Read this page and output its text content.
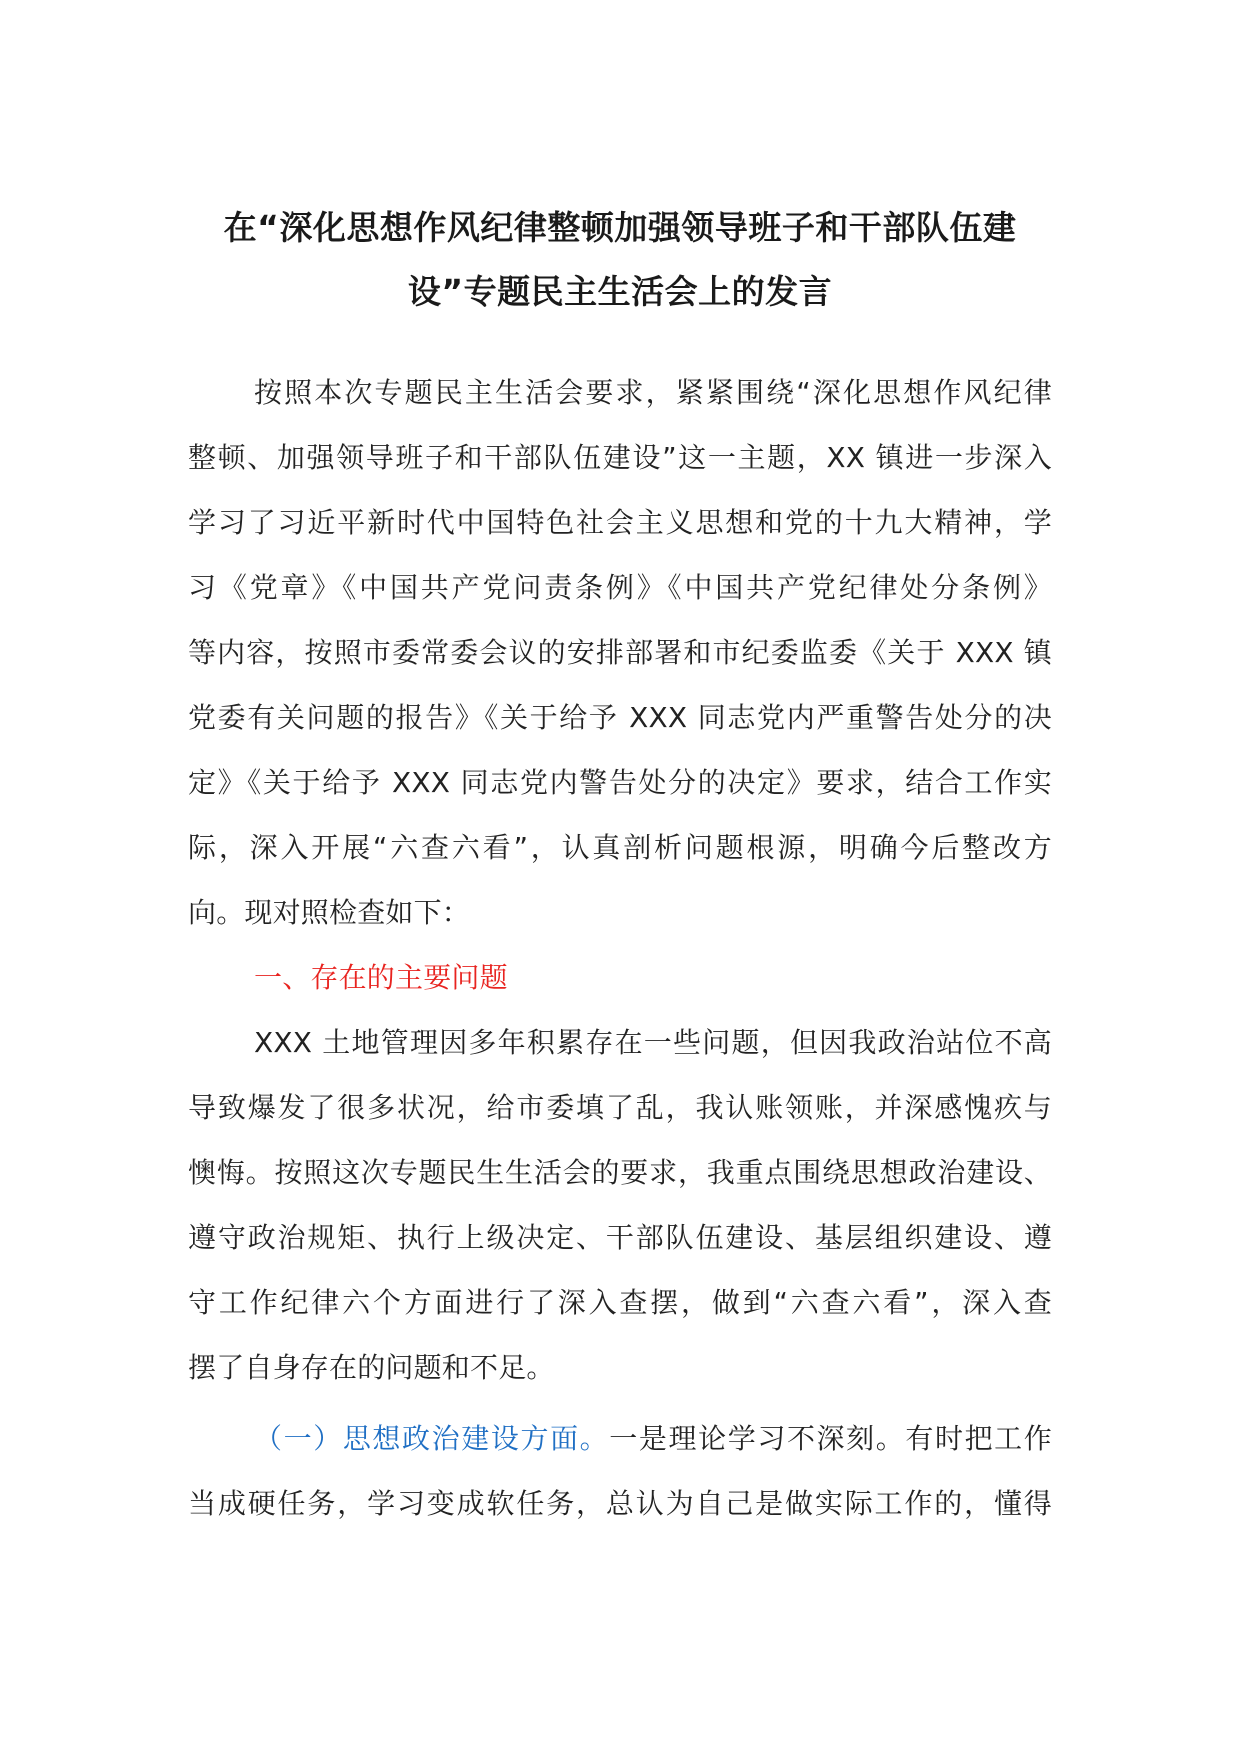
在“深化思想作风纪律整顿加强领导班子和干部队伍建
设”专题民主生活会上的发言
按照本次专题民主生活会要求，紧紧围绕“深化思想作风纪律
整顿、加强领导班子和干部队伍建设”这一主题，XX 镇进一步深入
学习了习近平新时代中国特色社会主义思想和党的十九大精神，学
习《党章》《中国共产党问责条例》《中国共产党纪律处分条例》
等内容，按照市委常委会议的安排部署和市纪委监委《关于 XXX 镇
党委有关问题的报告》《关于给予 XXX 同志党内严重警告处分的决
定》《关于给予 XXX 同志党内警告处分的决定》要求，结合工作实
际，深入开展“六查六看”，认真剖析问题根源，明确今后整改方
向。现对照检查如下：
一、存在的主要问题
XXX 土地管理因多年积累存在一些问题，但因我政治站位不高
导致爆发了很多状况，给市委填了乱，我认账领账，并深感愧疚与
懊悔。按照这次专题民生生活会的要求，我重点围绕思想政治建设、
遵守政治规矩、执行上级决定、干部队伍建设、基层组织建设、遵
守工作纪律六个方面进行了深入查摆，做到“六查六看”，深入查
摆了自身存在的问题和不足。
（一）思想政治建设方面。一是理论学习不深刻。有时把工作
当成硬任务，学习变成软任务，总认为自己是做实际工作的，懂得
